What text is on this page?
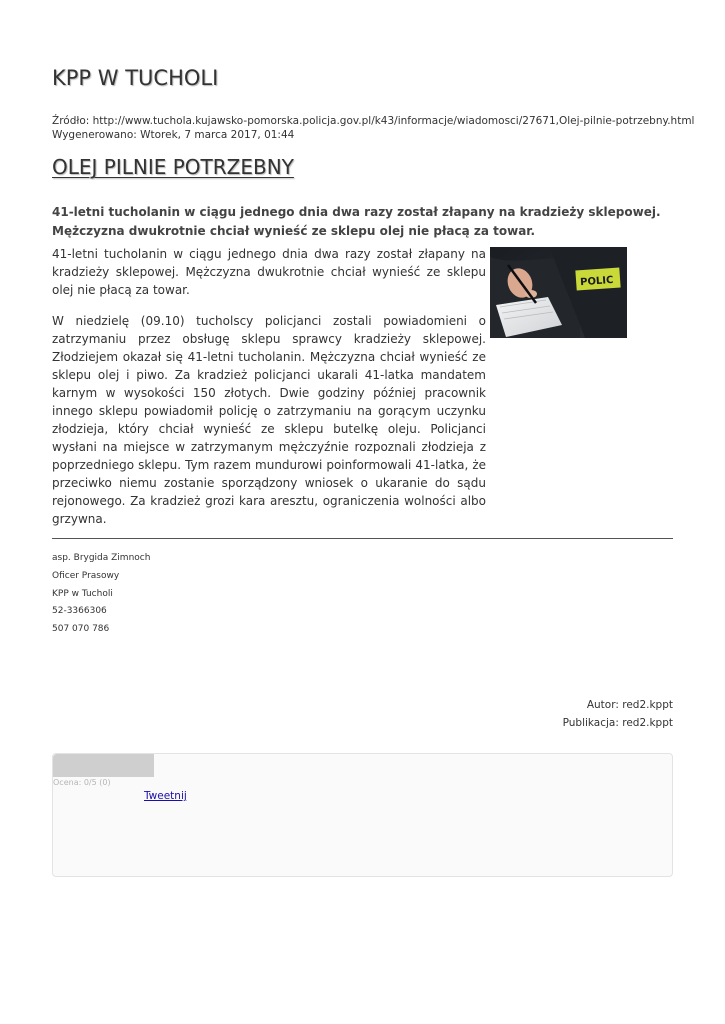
KPP W TUCHOLI
Źródło: http://www.tuchola.kujawsko-pomorska.policja.gov.pl/k43/informacje/wiadomosci/27671,Olej-pilnie-potrzebny.html
Wygenerowano: Wtorek, 7 marca 2017, 01:44
OLEJ PILNIE POTRZEBNY
41-letni tucholanin w ciągu jednego dnia dwa razy został złapany na kradzieży sklepowej. Mężczyzna dwukrotnie chciał wynieść ze sklepu olej nie płacą za towar.

41-letni tucholanin w ciągu jednego dnia dwa razy został złapany na kradzieży sklepowej. Mężczyzna dwukrotnie chciał wynieść ze sklepu olej nie płacą za towar.

W niedzielę (09.10) tucholscy policjanci zostali powiadomieni o zatrzymaniu przez obsługę sklepu sprawcy kradzieży sklepowej. Złodziejem okazał się 41-letni tucholanin. Mężczyzna chciał wynieść ze sklepu olej i piwo. Za kradzież policjanci ukarali 41-latka mandatem karnym w wysokości 150 złotych. Dwie godziny później pracownik innego sklepu powiadomił policję o zatrzymaniu na gorącym uczynku złodzieja, który chciał wynieść ze sklepu butelkę oleju. Policjanci wysłani na miejsce w zatrzymanym mężczyźnie rozpoznali złodzieja z poprzedniego sklepu. Tym razem mundurowi poinformowali 41-latka, że przeciwko niemu zostanie sporządzony wniosek o ukaranie do sądu rejonowego. Za kradzież grozi kara aresztu, ograniczenia wolności albo grzywna.

POLIC
asp. Brygida Zimnoch
Oficer Prasowy
KPP w Tucholi
52-3366306
507 070 786
Autor: red2.kppt
Publikacja: red2.kppt
Ocena: 0/5 (0)
Tweetnij
